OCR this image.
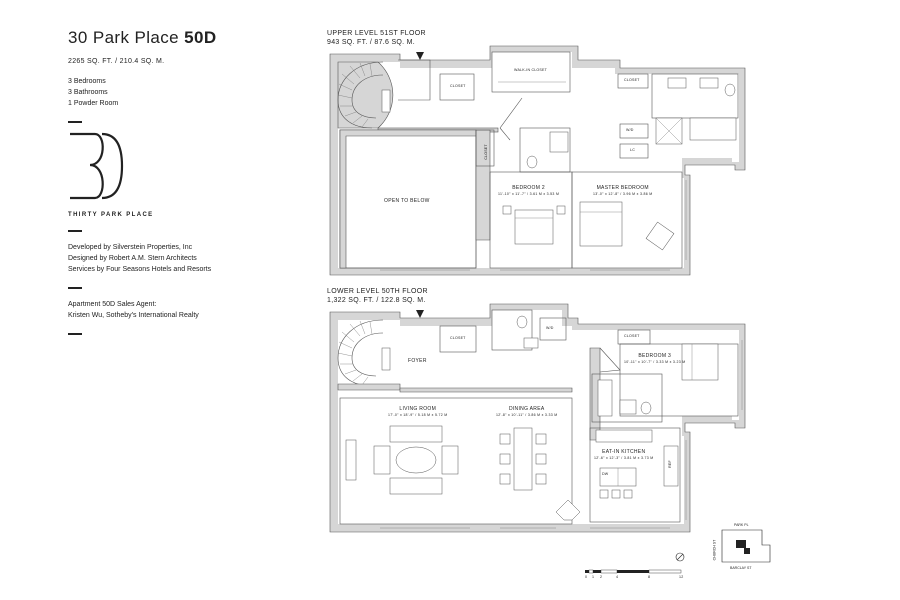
30 Park Place 50D
2265 SQ. FT. / 210.4 SQ. M.
3 Bedrooms
3 Bathrooms
1 Powder Room
THIRTY PARK PLACE
Developed by Silverstein Properties, Inc
Designed by Robert A.M. Stern Architects
Services by Four Seasons Hotels and Resorts
Apartment 50D Sales Agent:
Kristen Wu, Sotheby's International Realty
UPPER LEVEL 51ST FLOOR
943 SQ. FT. / 87.6 SQ. M.
LOWER LEVEL 50TH FLOOR
1,322 SQ. FT. / 122.8 SQ. M.
OPEN TO BELOW
BEDROOM 2
11'-10" x 11'-7" / 3.61 M x 3.53 M
MASTER BEDROOM
13'-0" x 12'-8" / 3.96 M x 3.86 M
WALK-IN CLOSET
CLOSET
CLOSET
CLOSET
W/D
LC
FOYER
LIVING ROOM
17'-0" x 18'-9" / 5.18 M x 5.72 M
DINING AREA
12'-8" x 10'-11" / 3.86 M x 3.33 M
BEDROOM 3
10'-11" x 10'-7" / 3.33 M x 3.23 M
EAT-IN KITCHEN
12'-6" x 12'-3" / 3.81 M x 3.73 M
CLOSET	CLOSET
W/D
DW
REF
0 1 2	4	8	12
PARK PL
CHURCH ST
BARCLAY ST
